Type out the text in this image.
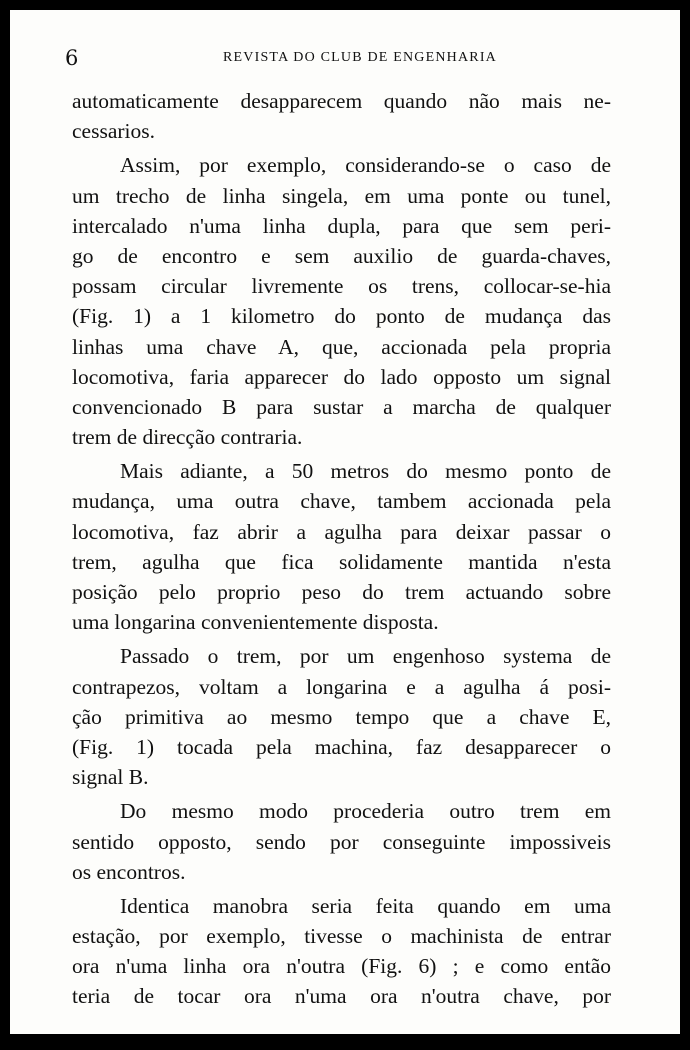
6	REVISTA DO CLUB DE ENGENHARIA
automaticamente desapparecem quando não mais ne-
cessarios.
Assim, por exemplo, considerando-se o caso de
um trecho de linha singela, em uma ponte ou tunel,
intercalado n'uma linha dupla, para que sem peri-
go de encontro e sem auxilio de guarda-chaves,
possam circular livremente os trens, collocar-se-hia
(Fig. 1) a 1 kilometro do ponto de mudança das
linhas uma chave A, que, accionada pela propria
locomotiva, faria apparecer do lado opposto um signal
convencionado B para sustar a marcha de qualquer
trem de direcção contraria.
Mais adiante, a 50 metros do mesmo ponto de
mudança, uma outra chave, tambem accionada pela
locomotiva, faz abrir a agulha para deixar passar o
trem, agulha que fica solidamente mantida n'esta
posição pelo proprio peso do trem actuando sobre
uma longarina convenientemente disposta.
Passado o trem, por um engenhoso systema de
contrapezos, voltam a longarina e a agulha á posi-
ção primitiva ao mesmo tempo que a chave E,
(Fig. 1) tocada pela machina, faz desapparecer o
signal B.
Do mesmo modo procederia outro trem em
sentido opposto, sendo por conseguinte impossiveis
os encontros.
Identica manobra seria feita quando em uma
estação, por exemplo, tivesse o machinista de entrar
ora n'uma linha ora n'outra (Fig. 6) ; e como então
teria de tocar ora n'uma ora n'outra chave, por
